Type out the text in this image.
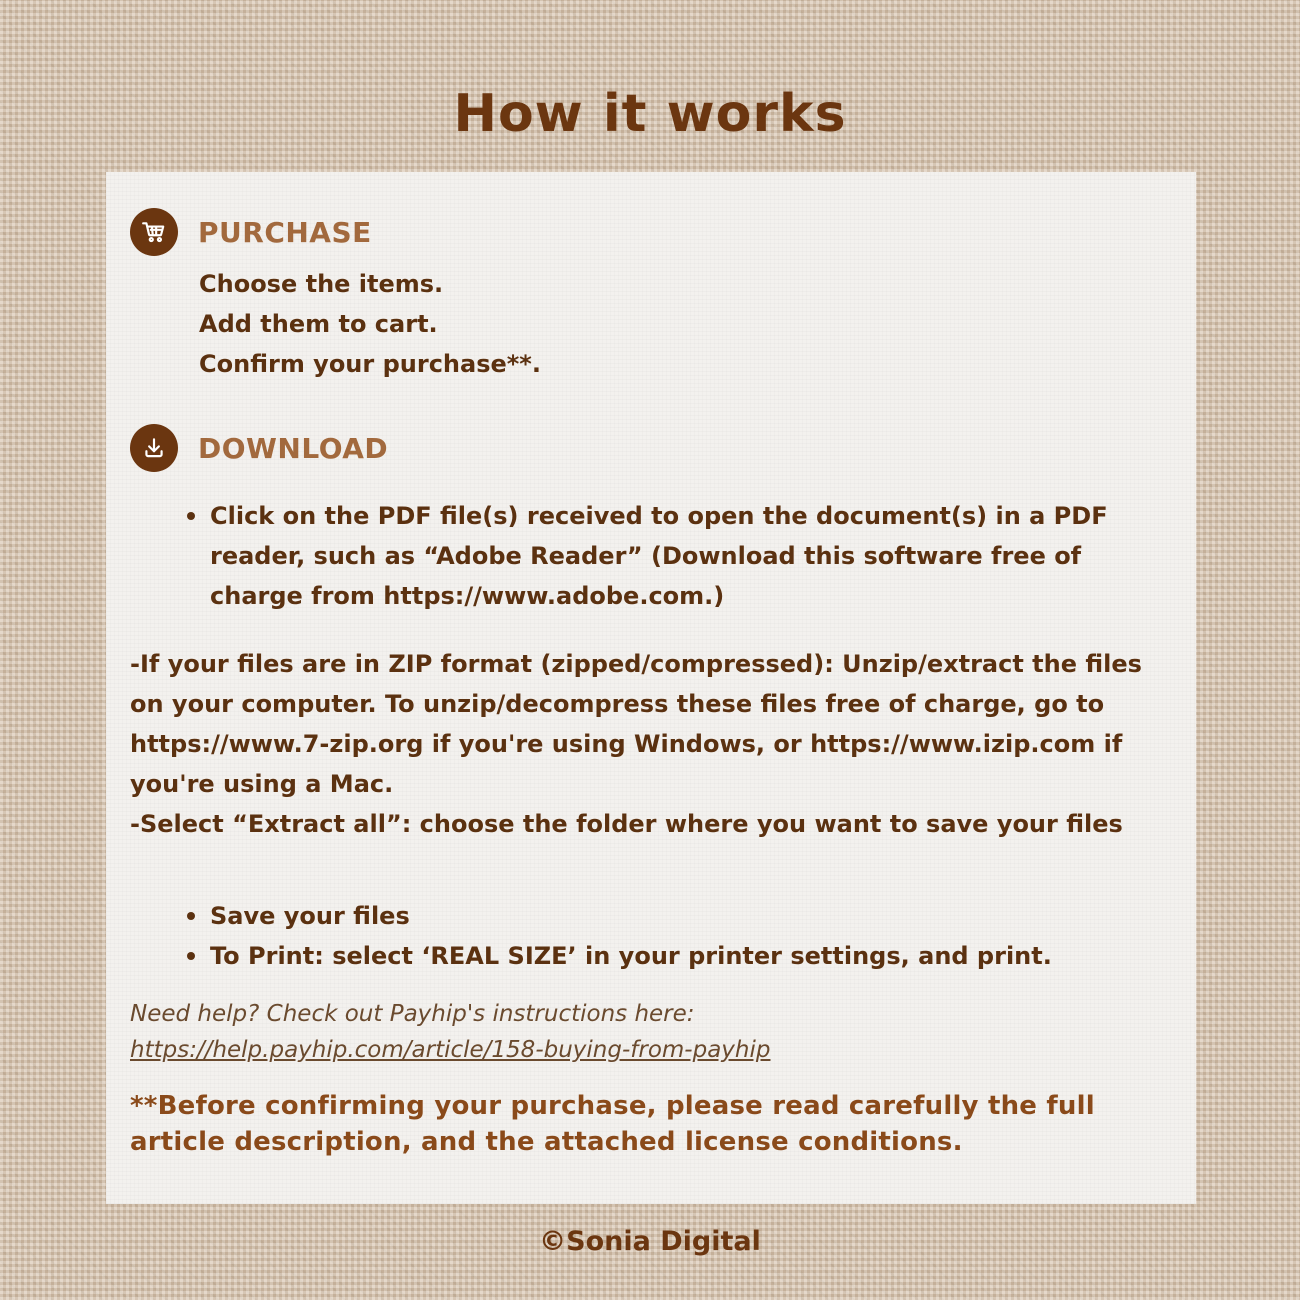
How it works
PURCHASE
Choose the items.
Add them to cart.
Confirm your purchase**.
DOWNLOAD
Click on the PDF file(s) received to open the document(s) in a PDF reader, such as “Adobe Reader” (Download this software free of charge from https://www.adobe.com.)

-If your files are in ZIP format (zipped/compressed): Unzip/extract the files on your computer. To unzip/decompress these files free of charge, go to https://www.7-zip.org if you're using Windows, or https://www.izip.com if you're using a Mac.

-Select “Extract all”: choose the folder where you want to save your files

Save your files
To Print: select ‘REAL SIZE’ in your printer settings, and print.

Need help? Check out Payhip's instructions here:
https://help.payhip.com/article/158-buying-from-payhip

**Before confirming your purchase, please read carefully the full article description, and the attached license conditions.

©Sonia Digital
